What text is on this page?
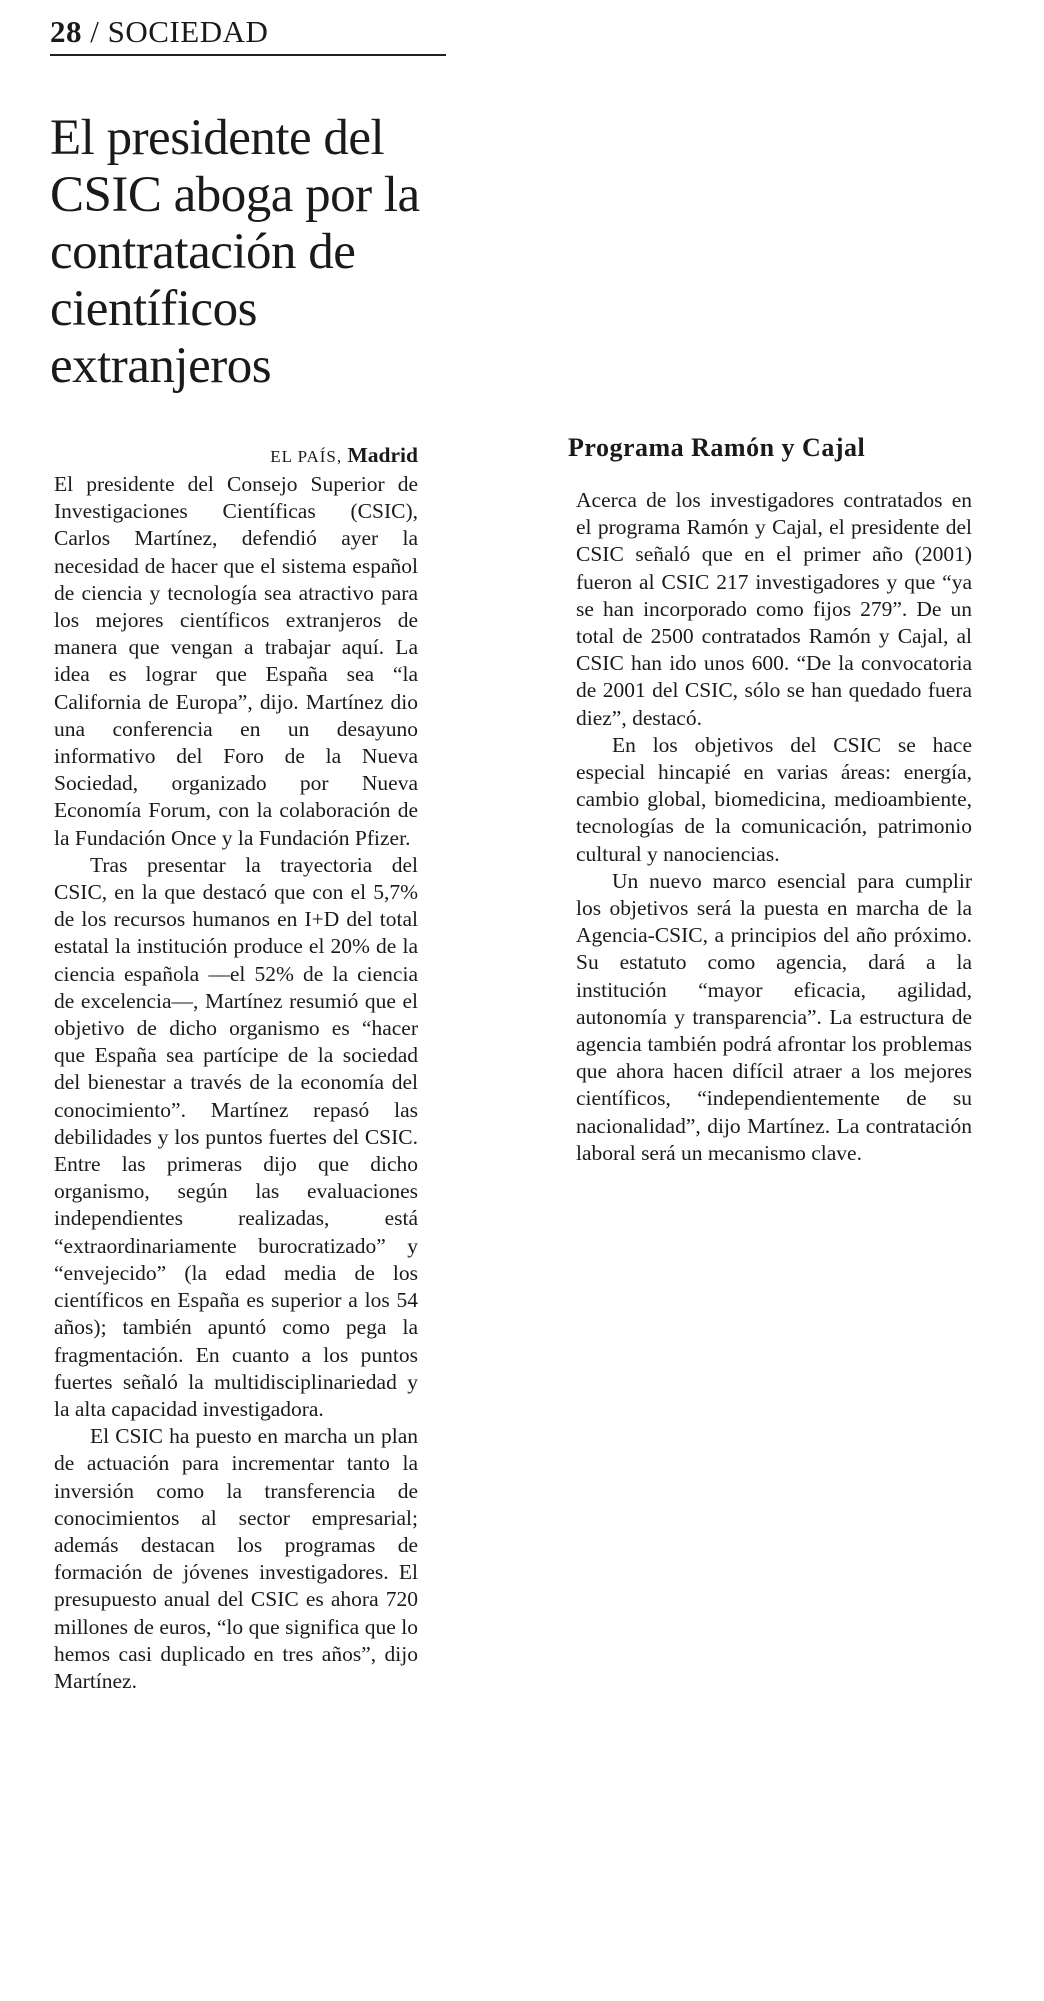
28 / SOCIEDAD
El presidente del CSIC aboga por la contratación de científicos extranjeros
EL PAÍS, Madrid

El presidente del Consejo Superior de Investigaciones Científicas (CSIC), Carlos Martínez, defendió ayer la necesidad de hacer que el sistema español de ciencia y tecnología sea atractivo para los mejores científicos extranjeros de manera que vengan a trabajar aquí. La idea es lograr que España sea “la California de Europa”, dijo. Martínez dio una conferencia en un desayuno informativo del Foro de la Nueva Sociedad, organizado por Nueva Economía Forum, con la colaboración de la Fundación Once y la Fundación Pfizer.

Tras presentar la trayectoria del CSIC, en la que destacó que con el 5,7% de los recursos humanos en I+D del total estatal la institución produce el 20% de la ciencia española —el 52% de la ciencia de excelencia—, Martínez resumió que el objetivo de dicho organismo es “hacer que España sea partícipe de la sociedad del bienestar a través de la economía del conocimiento”. Martínez repasó las debilidades y los puntos fuertes del CSIC. Entre las primeras dijo que dicho organismo, según las evaluaciones independientes realizadas, está “extraordinariamente burocratizado” y “envejecido” (la edad media de los científicos en España es superior a los 54 años); también apuntó como pega la fragmentación. En cuanto a los puntos fuertes señaló la multidisciplinariedad y la alta capacidad investigadora.

El CSIC ha puesto en marcha un plan de actuación para incrementar tanto la inversión como la transferencia de conocimientos al sector empresarial; además destacan los programas de formación de jóvenes investigadores. El presupuesto anual del CSIC es ahora 720 millones de euros, “lo que significa que lo hemos casi duplicado en tres años”, dijo Martínez.

Programa Ramón y Cajal

Acerca de los investigadores contratados en el programa Ramón y Cajal, el presidente del CSIC señaló que en el primer año (2001) fueron al CSIC 217 investigadores y que “ya se han incorporado como fijos 279”. De un total de 2500 contratados Ramón y Cajal, al CSIC han ido unos 600. “De la convocatoria de 2001 del CSIC, sólo se han quedado fuera diez”, destacó.

En los objetivos del CSIC se hace especial hincapié en varias áreas: energía, cambio global, biomedicina, medioambiente, tecnologías de la comunicación, patrimonio cultural y nanociencias.

Un nuevo marco esencial para cumplir los objetivos será la puesta en marcha de la Agencia-CSIC, a principios del año próximo. Su estatuto como agencia, dará a la institución “mayor eficacia, agilidad, autonomía y transparencia”. La estructura de agencia también podrá afrontar los problemas que ahora hacen difícil atraer a los mejores científicos, “independientemente de su nacionalidad”, dijo Martínez. La contratación laboral será un mecanismo clave.
